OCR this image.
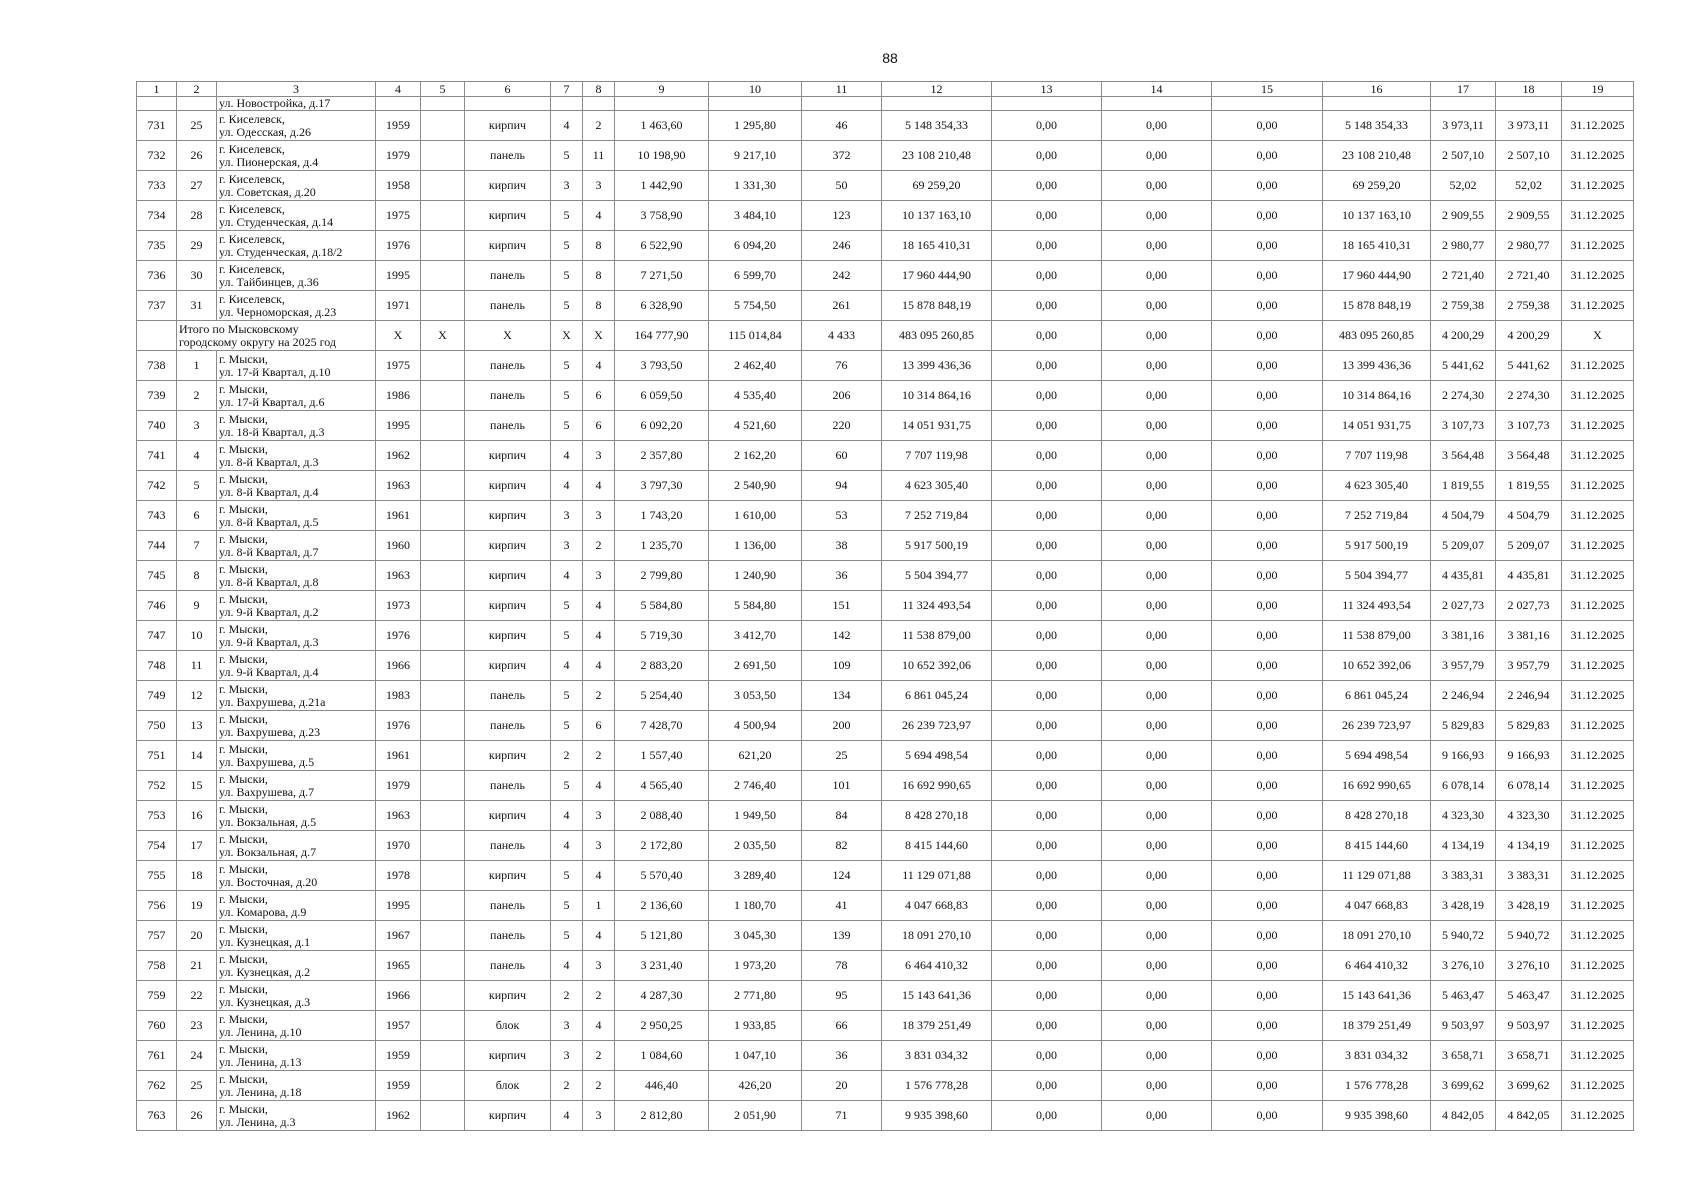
88
1	2	3	4	5	6	7	8	9	10	11	12	13	14	15	16	17	18	19
		ул. Новостройка, д.17																
731	25	г. Киселевск,
ул. Одесская, д.26	1959		кирпич	4	2	1 463,60	1 295,80	46	5 148 354,33	0,00	0,00	0,00	5 148 354,33	3 973,11	3 973,11	31.12.2025
732	26	г. Киселевск,
ул. Пионерская, д.4	1979		панель	5	11	10 198,90	9 217,10	372	23 108 210,48	0,00	0,00	0,00	23 108 210,48	2 507,10	2 507,10	31.12.2025
733	27	г. Киселевск,
ул. Советская, д.20	1958		кирпич	3	3	1 442,90	1 331,30	50	69 259,20	0,00	0,00	0,00	69 259,20	52,02	52,02	31.12.2025
734	28	г. Киселевск,
ул. Студенческая, д.14	1975		кирпич	5	4	3 758,90	3 484,10	123	10 137 163,10	0,00	0,00	0,00	10 137 163,10	2 909,55	2 909,55	31.12.2025
735	29	г. Киселевск,
ул. Студенческая, д.18/2	1976		кирпич	5	8	6 522,90	6 094,20	246	18 165 410,31	0,00	0,00	0,00	18 165 410,31	2 980,77	2 980,77	31.12.2025
736	30	г. Киселевск,
ул. Тайбинцев, д.36	1995		панель	5	8	7 271,50	6 599,70	242	17 960 444,90	0,00	0,00	0,00	17 960 444,90	2 721,40	2 721,40	31.12.2025
737	31	г. Киселевск,
ул. Черноморская, д.23	1971		панель	5	8	6 328,90	5 754,50	261	15 878 848,19	0,00	0,00	0,00	15 878 848,19	2 759,38	2 759,38	31.12.2025

	Итого по Мысковскому
городскому округу на 2025 год		X	X	X	X	X	164 777,90	115 014,84	4 433	483 095 260,85	0,00	0,00	0,00	483 095 260,85	4 200,29	4 200,29	X
738	1	г. Мыски,
ул. 17-й Квартал, д.10	1975		панель	5	4	3 793,50	2 462,40	76	13 399 436,36	0,00	0,00	0,00	13 399 436,36	5 441,62	5 441,62	31.12.2025
739	2	г. Мыски,
ул. 17-й Квартал, д.6	1986		панель	5	6	6 059,50	4 535,40	206	10 314 864,16	0,00	0,00	0,00	10 314 864,16	2 274,30	2 274,30	31.12.2025
740	3	г. Мыски,
ул. 18-й Квартал, д.3	1995		панель	5	6	6 092,20	4 521,60	220	14 051 931,75	0,00	0,00	0,00	14 051 931,75	3 107,73	3 107,73	31.12.2025
741	4	г. Мыски,
ул. 8-й Квартал, д.3	1962		кирпич	4	3	2 357,80	2 162,20	60	7 707 119,98	0,00	0,00	0,00	7 707 119,98	3 564,48	3 564,48	31.12.2025
742	5	г. Мыски,
ул. 8-й Квартал, д.4	1963		кирпич	4	4	3 797,30	2 540,90	94	4 623 305,40	0,00	0,00	0,00	4 623 305,40	1 819,55	1 819,55	31.12.2025
743	6	г. Мыски,
ул. 8-й Квартал, д.5	1961		кирпич	3	3	1 743,20	1 610,00	53	7 252 719,84	0,00	0,00	0,00	7 252 719,84	4 504,79	4 504,79	31.12.2025
744	7	г. Мыски,
ул. 8-й Квартал, д.7	1960		кирпич	3	2	1 235,70	1 136,00	38	5 917 500,19	0,00	0,00	0,00	5 917 500,19	5 209,07	5 209,07	31.12.2025
745	8	г. Мыски,
ул. 8-й Квартал, д.8	1963		кирпич	4	3	2 799,80	1 240,90	36	5 504 394,77	0,00	0,00	0,00	5 504 394,77	4 435,81	4 435,81	31.12.2025
746	9	г. Мыски,
ул. 9-й Квартал, д.2	1973		кирпич	5	4	5 584,80	5 584,80	151	11 324 493,54	0,00	0,00	0,00	11 324 493,54	2 027,73	2 027,73	31.12.2025
747	10	г. Мыски,
ул. 9-й Квартал, д.3	1976		кирпич	5	4	5 719,30	3 412,70	142	11 538 879,00	0,00	0,00	0,00	11 538 879,00	3 381,16	3 381,16	31.12.2025
748	11	г. Мыски,
ул. 9-й Квартал, д.4	1966		кирпич	4	4	2 883,20	2 691,50	109	10 652 392,06	0,00	0,00	0,00	10 652 392,06	3 957,79	3 957,79	31.12.2025
749	12	г. Мыски,
ул. Вахрушева, д.21а	1983		панель	5	2	5 254,40	3 053,50	134	6 861 045,24	0,00	0,00	0,00	6 861 045,24	2 246,94	2 246,94	31.12.2025
750	13	г. Мыски,
ул. Вахрушева, д.23	1976		панель	5	6	7 428,70	4 500,94	200	26 239 723,97	0,00	0,00	0,00	26 239 723,97	5 829,83	5 829,83	31.12.2025
751	14	г. Мыски,
ул. Вахрушева, д.5	1961		кирпич	2	2	1 557,40	621,20	25	5 694 498,54	0,00	0,00	0,00	5 694 498,54	9 166,93	9 166,93	31.12.2025
752	15	г. Мыски,
ул. Вахрушева, д.7	1979		панель	5	4	4 565,40	2 746,40	101	16 692 990,65	0,00	0,00	0,00	16 692 990,65	6 078,14	6 078,14	31.12.2025
753	16	г. Мыски,
ул. Вокзальная, д.5	1963		кирпич	4	3	2 088,40	1 949,50	84	8 428 270,18	0,00	0,00	0,00	8 428 270,18	4 323,30	4 323,30	31.12.2025
754	17	г. Мыски,
ул. Вокзальная, д.7	1970		панель	4	3	2 172,80	2 035,50	82	8 415 144,60	0,00	0,00	0,00	8 415 144,60	4 134,19	4 134,19	31.12.2025
755	18	г. Мыски,
ул. Восточная, д.20	1978		кирпич	5	4	5 570,40	3 289,40	124	11 129 071,88	0,00	0,00	0,00	11 129 071,88	3 383,31	3 383,31	31.12.2025
756	19	г. Мыски,
ул. Комарова, д.9	1995		панель	5	1	2 136,60	1 180,70	41	4 047 668,83	0,00	0,00	0,00	4 047 668,83	3 428,19	3 428,19	31.12.2025
757	20	г. Мыски,
ул. Кузнецкая, д.1	1967		панель	5	4	5 121,80	3 045,30	139	18 091 270,10	0,00	0,00	0,00	18 091 270,10	5 940,72	5 940,72	31.12.2025
758	21	г. Мыски,
ул. Кузнецкая, д.2	1965		панель	4	3	3 231,40	1 973,20	78	6 464 410,32	0,00	0,00	0,00	6 464 410,32	3 276,10	3 276,10	31.12.2025
759	22	г. Мыски,
ул. Кузнецкая, д.3	1966		кирпич	2	2	4 287,30	2 771,80	95	15 143 641,36	0,00	0,00	0,00	15 143 641,36	5 463,47	5 463,47	31.12.2025
760	23	г. Мыски,
ул. Ленина, д.10	1957		блок	3	4	2 950,25	1 933,85	66	18 379 251,49	0,00	0,00	0,00	18 379 251,49	9 503,97	9 503,97	31.12.2025
761	24	г. Мыски,
ул. Ленина, д.13	1959		кирпич	3	2	1 084,60	1 047,10	36	3 831 034,32	0,00	0,00	0,00	3 831 034,32	3 658,71	3 658,71	31.12.2025
762	25	г. Мыски,
ул. Ленина, д.18	1959		блок	2	2	446,40	426,20	20	1 576 778,28	0,00	0,00	0,00	1 576 778,28	3 699,62	3 699,62	31.12.2025
763	26	г. Мыски,
ул. Ленина, д.3	1962		кирпич	4	3	2 812,80	2 051,90	71	9 935 398,60	0,00	0,00	0,00	9 935 398,60	4 842,05	4 842,05	31.12.2025
